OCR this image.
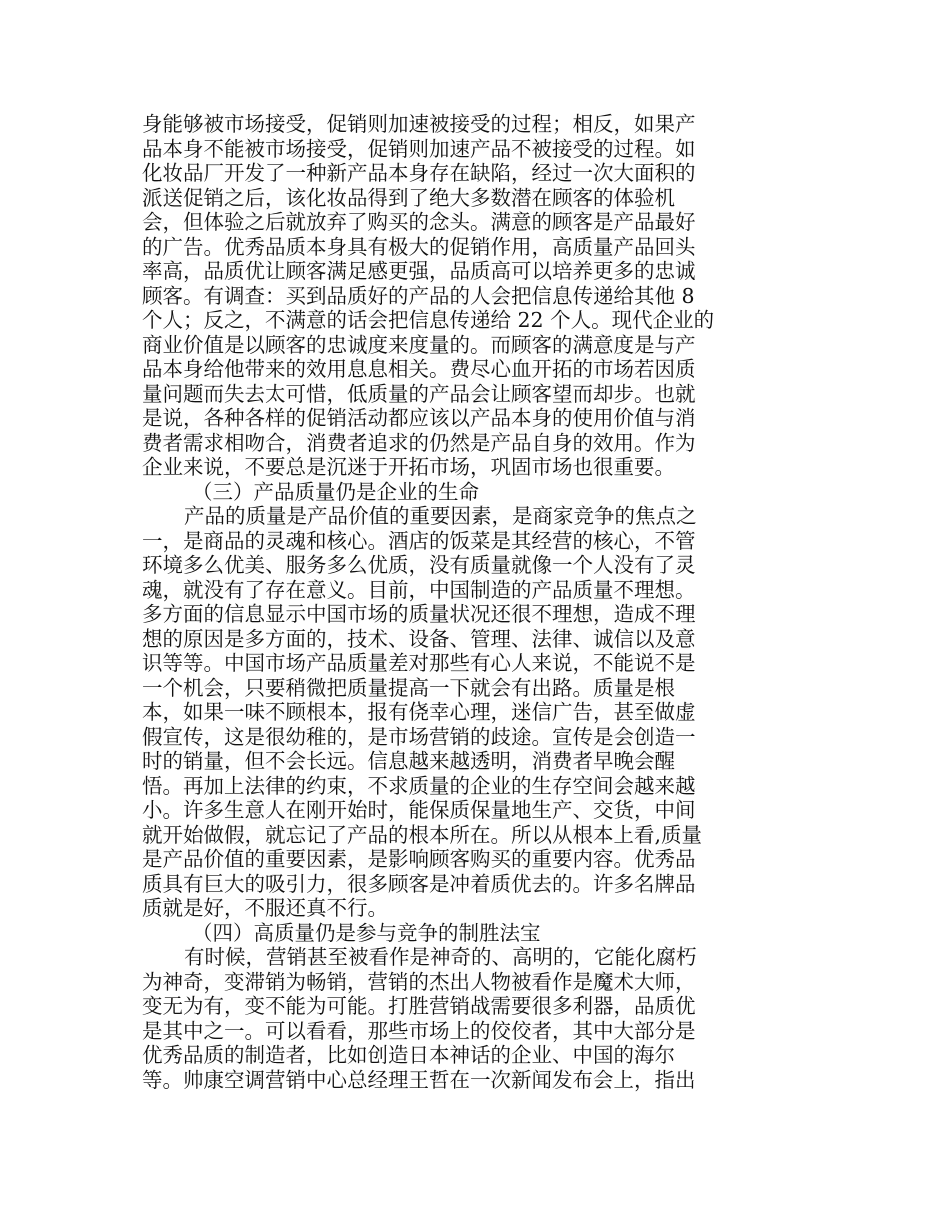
身能够被市场接受，促销则加速被接受的过程；相反，如果产
品本身不能被市场接受，促销则加速产品不被接受的过程。如
化妆品厂开发了一种新产品本身存在缺陷，经过一次大面积的
派送促销之后，该化妆品得到了绝大多数潜在顾客的体验机
会，但体验之后就放弃了购买的念头。满意的顾客是产品最好
的广告。优秀品质本身具有极大的促销作用，高质量产品回头
率高，品质优让顾客满足感更强，品质高可以培养更多的忠诚
顾客。有调查：买到品质好的产品的人会把信息传递给其他 8
个人；反之，不满意的话会把信息传递给 22 个人。现代企业的
商业价值是以顾客的忠诚度来度量的。而顾客的满意度是与产
品本身给他带来的效用息息相关。费尽心血开拓的市场若因质
量问题而失去太可惜，低质量的产品会让顾客望而却步。也就
是说，各种各样的促销活动都应该以产品本身的使用价值与消
费者需求相吻合，消费者追求的仍然是产品自身的效用。作为
企业来说，不要总是沉迷于开拓市场，巩固市场也很重要。
（三）产品质量仍是企业的生命
产品的质量是产品价值的重要因素，是商家竞争的焦点之
一，是商品的灵魂和核心。酒店的饭菜是其经营的核心，不管
环境多么优美、服务多么优质，没有质量就像一个人没有了灵
魂，就没有了存在意义。目前，中国制造的产品质量不理想。
多方面的信息显示中国市场的质量状况还很不理想，造成不理
想的原因是多方面的，技术、设备、管理、法律、诚信以及意
识等等。中国市场产品质量差对那些有心人来说，不能说不是
一个机会，只要稍微把质量提高一下就会有出路。质量是根
本，如果一味不顾根本，报有侥幸心理，迷信广告，甚至做虚
假宣传，这是很幼稚的，是市场营销的歧途。宣传是会创造一
时的销量，但不会长远。信息越来越透明，消费者早晚会醒
悟。再加上法律的约束，不求质量的企业的生存空间会越来越
小。许多生意人在刚开始时，能保质保量地生产、交货，中间
就开始做假，就忘记了产品的根本所在。所以从根本上看,质量
是产品价值的重要因素，是影响顾客购买的重要内容。优秀品
质具有巨大的吸引力，很多顾客是冲着质优去的。许多名牌品
质就是好，不服还真不行。
（四）高质量仍是参与竞争的制胜法宝
有时候，营销甚至被看作是神奇的、高明的，它能化腐朽
为神奇，变滞销为畅销，营销的杰出人物被看作是魔术大师，
变无为有，变不能为可能。打胜营销战需要很多利器，品质优
是其中之一。可以看看，那些市场上的佼佼者，其中大部分是
优秀品质的制造者，比如创造日本神话的企业、中国的海尔
等。帅康空调营销中心总经理王哲在一次新闻发布会上，指出
